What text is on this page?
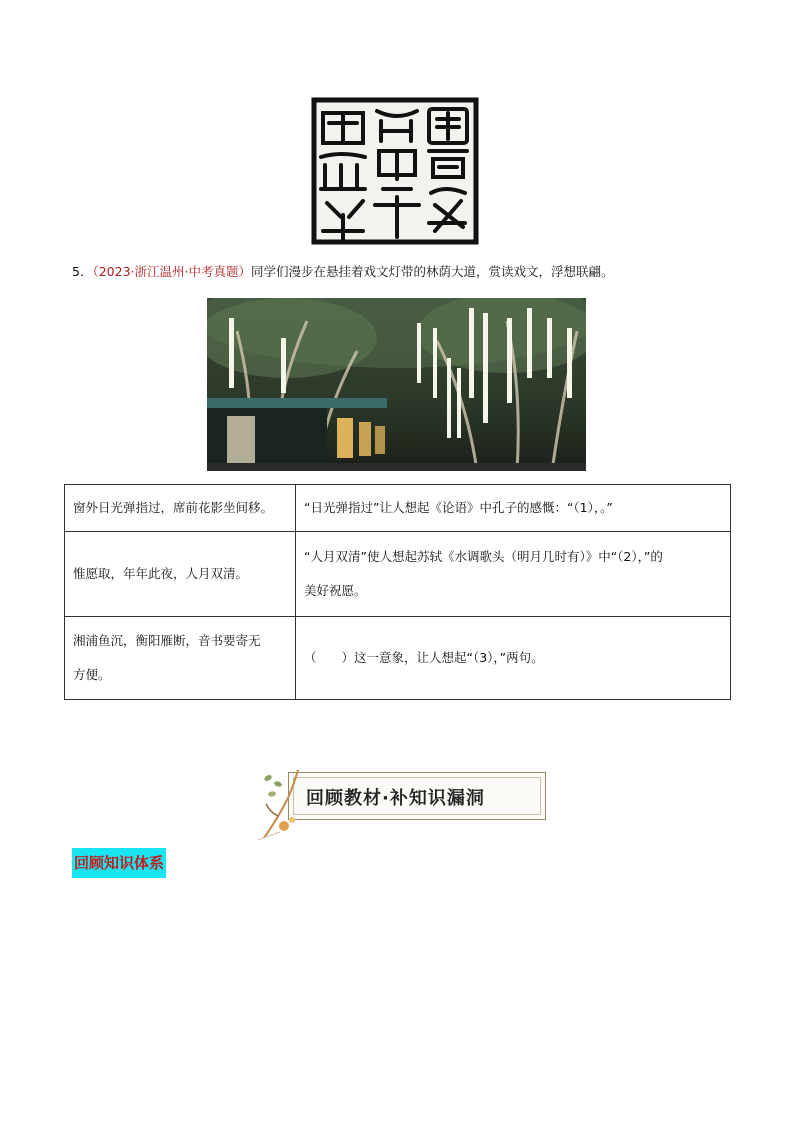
5．（2023·浙江温州·中考真题）同学们漫步在悬挂着戏文灯带的林荫大道，赏读戏文，浮想联翩。
窗外日光弹指过，席前花影坐间移。	“日光弹指过”让人想起《论语》中孔子的感慨：“（1），。”
惟愿取，年年此夜，人月双清。	“人月双清”使人想起苏轼《水调歌头（明月几时有）》中“（2），”的
美好祝愿。

湘浦鱼沉，衡阳雁断，音书要寄无
方便。	（　　）这一意象，让人想起“（3），”两句。
回顾教材·补知识漏洞
回顾知识体系
